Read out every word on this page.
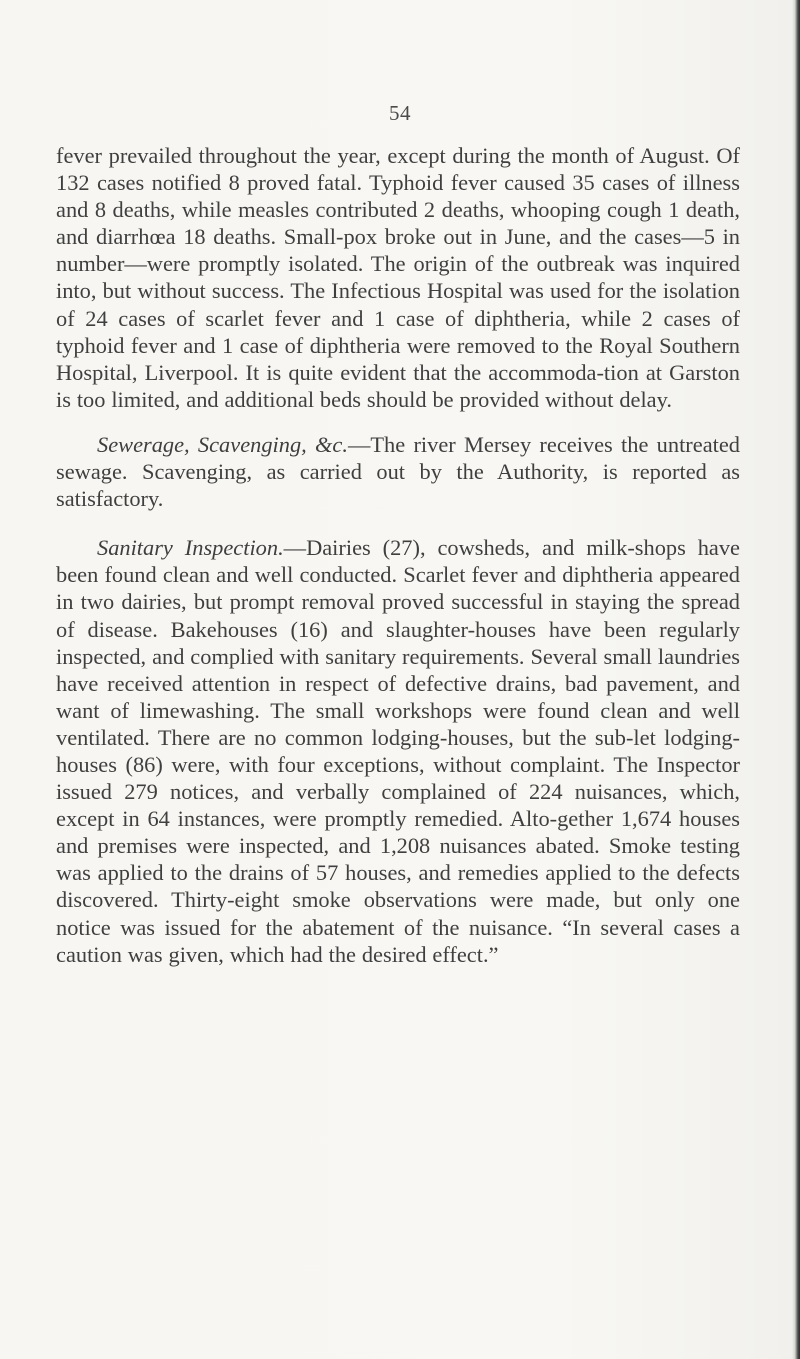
54

fever prevailed throughout the year, except during the month of August. Of 132 cases notified 8 proved fatal. Typhoid fever caused 35 cases of illness and 8 deaths, while measles contributed 2 deaths, whooping cough 1 death, and diarrhœa 18 deaths. Small-pox broke out in June, and the cases—5 in number—were promptly isolated. The origin of the outbreak was inquired into, but without success. The Infectious Hospital was used for the isolation of 24 cases of scarlet fever and 1 case of diphtheria, while 2 cases of typhoid fever and 1 case of diphtheria were removed to the Royal Southern Hospital, Liverpool. It is quite evident that the accommoda-tion at Garston is too limited, and additional beds should be provided without delay.

Sewerage, Scavenging, &c.—The river Mersey receives the untreated sewage. Scavenging, as carried out by the Authority, is reported as satisfactory.

Sanitary Inspection.—Dairies (27), cowsheds, and milk-shops have been found clean and well conducted. Scarlet fever and diphtheria appeared in two dairies, but prompt removal proved successful in staying the spread of disease. Bakehouses (16) and slaughter-houses have been regularly inspected, and complied with sanitary requirements. Several small laundries have received attention in respect of defective drains, bad pavement, and want of limewashing. The small workshops were found clean and well ventilated. There are no common lodging-houses, but the sub-let lodging-houses (86) were, with four exceptions, without complaint. The Inspector issued 279 notices, and verbally complained of 224 nuisances, which, except in 64 instances, were promptly remedied. Alto-gether 1,674 houses and premises were inspected, and 1,208 nuisances abated. Smoke testing was applied to the drains of 57 houses, and remedies applied to the defects discovered. Thirty-eight smoke observations were made, but only one notice was issued for the abatement of the nuisance. “In several cases a caution was given, which had the desired effect.”
